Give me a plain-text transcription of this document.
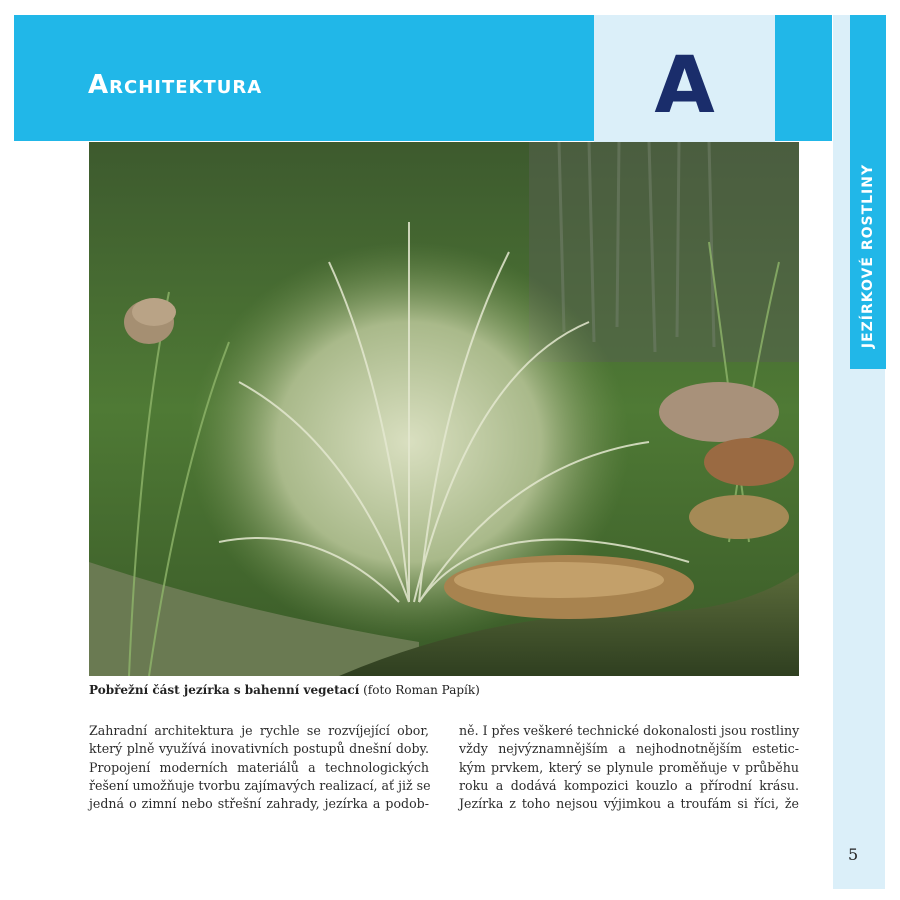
Architektura	A
JEZÍRKOVÉ ROSTLINY

Pobřežní část jezírka s bahenní vegetací (foto Roman Papík)

Zahradní architektura je rychle se rozvíjející obor,
který plně využívá inovativních postupů dnešní doby.
Propojení moderních materiálů a technologických
řešení umožňuje tvorbu zajímavých realizací, ať již se
jedná o zimní nebo střešní zahrady, jezírka a podob-

ně. I přes veškeré technické dokonalosti jsou rostliny
vždy nejvýznamnějším a nejhodnotnějším estetic-
kým prvkem, který se plynule proměňuje v průběhu
roku a dodává kompozici kouzlo a přírodní krásu.
Jezírka z toho nejsou výjimkou a troufám si říci, že

5
